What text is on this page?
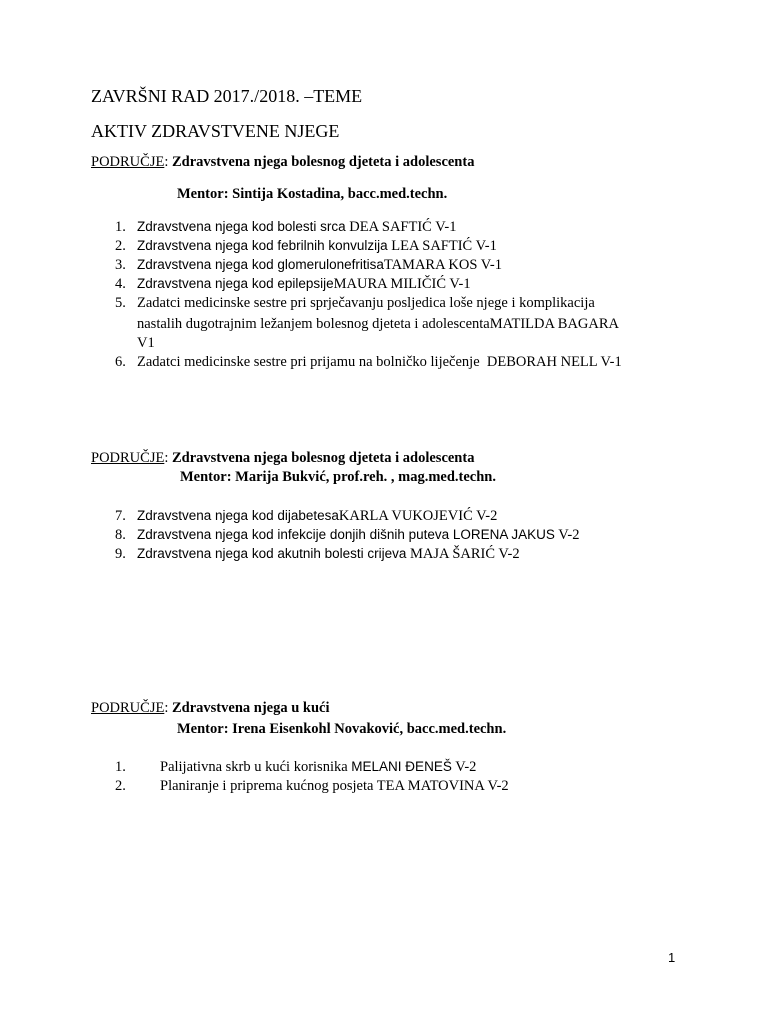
ZAVRŠNI RAD 2017./2018. –TEME
AKTIV ZDRAVSTVENE NJEGE
PODRUČJE: Zdravstvena njega bolesnog djeteta i adolescenta
Mentor: Sintija Kostadina, bacc.med.techn.
1. Zdravstvena njega kod bolesti srca DEA SAFTIĆ V-1
2. Zdravstvena njega kod febrilnih konvulzija LEA SAFTIĆ V-1
3. Zdravstvena njega kod glomerulonefritisaTAMARA KOS V-1
4. Zdravstvena njega kod epilepsijeMAURA MILIČIĆ V-1
5. Zadatci medicinske sestre pri sprječavanju posljedica loše njege i komplikacija
nastalih dugotrajnim ležanjem bolesnog djeteta i adolescentaMATILDA BAGARA
V1
6. Zadatci medicinske sestre pri prijamu na bolničko liječenje DEBORAH NELL V-1
PODRUČJE: Zdravstvena njega bolesnog djeteta i adolescenta
Mentor: Marija Bukvić, prof.reh. , mag.med.techn.
7. Zdravstvena njega kod dijabetesaKARLA VUKOJEVIĆ V-2
8. Zdravstvena njega kod infekcije donjih dišnih puteva LORENA JAKUS V-2
9. Zdravstvena njega kod akutnih bolesti crijeva MAJA ŠARIĆ V-2
PODRUČJE: Zdravstvena njega u kući
Mentor: Irena Eisenkohl Novaković, bacc.med.techn.
1. Palijativna skrb u kući korisnika MELANI ĐENEŠ V-2
2. Planiranje i priprema kućnog posjeta TEA MATOVINA V-2
1
